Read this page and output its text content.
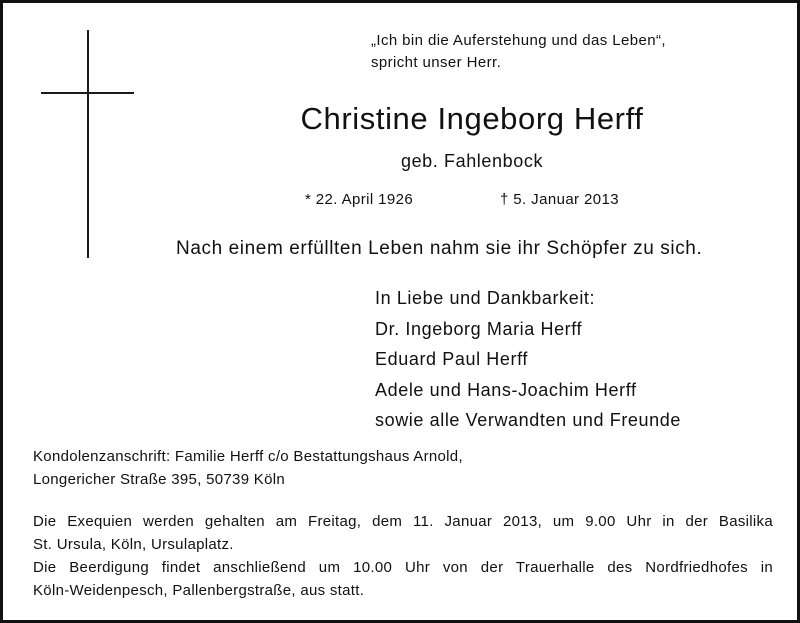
„Ich bin die Auferstehung und das Leben“,
spricht unser Herr.
Christine Ingeborg Herff
geb. Fahlenbock
* 22. April 1926	† 5. Januar 2013
Nach einem erfüllten Leben nahm sie ihr Schöpfer zu sich.
In Liebe und Dankbarkeit:
Dr. Ingeborg Maria Herff
Eduard Paul Herff
Adele und Hans-Joachim Herff
sowie alle Verwandten und Freunde
Kondolenzanschrift: Familie Herff c/o Bestattungshaus Arnold,
Longericher Straße 395, 50739 Köln
Die Exequien werden gehalten am Freitag, dem 11. Januar 2013, um 9.00 Uhr in der Basilika
St. Ursula, Köln, Ursulaplatz.
Die Beerdigung findet anschließend um 10.00 Uhr von der Trauerhalle des Nordfriedhofes in
Köln-Weidenpesch, Pallenbergstraße, aus statt.
